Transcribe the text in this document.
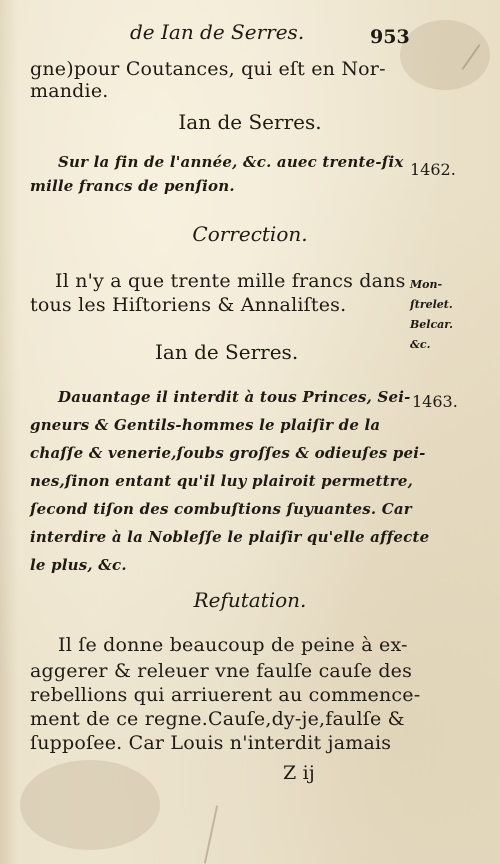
de Ian de Serres.	953
gne)pour Coutances, qui eſt en Nor-
mandie.
Ian de Serres.
Sur la fin de l'année, &c. auec trente-ſix
mille francs de penſion.
1462.
Correction.
Il n'y a que trente mille francs dans
tous les Hiſtoriens & Annaliſtes.
Mon-
ſtrelet.
Belcar.
&c.
Ian de Serres.
Dauantage il interdit à tous Princes, Sei-
gneurs & Gentils-hommes le plaiſir de la
chaſſe & venerie,ſoubs groſſes & odieuſes pei-
nes,ſinon entant qu'il luy plairoit permettre,
ſecond tiſon des combuſtions ſuyuantes. Car
interdire à la Nobleſſe le plaiſir qu'elle affecte
le plus, &c.
1463.
Refutation.
Il ſe donne beaucoup de peine à ex-
aggerer & releuer vne faulſe cauſe des
rebellions qui arriuerent au commence-
ment de ce regne.Cauſe,dy-je,faulſe &
ſuppoſee. Car Louis n'interdit jamais
Z ij
